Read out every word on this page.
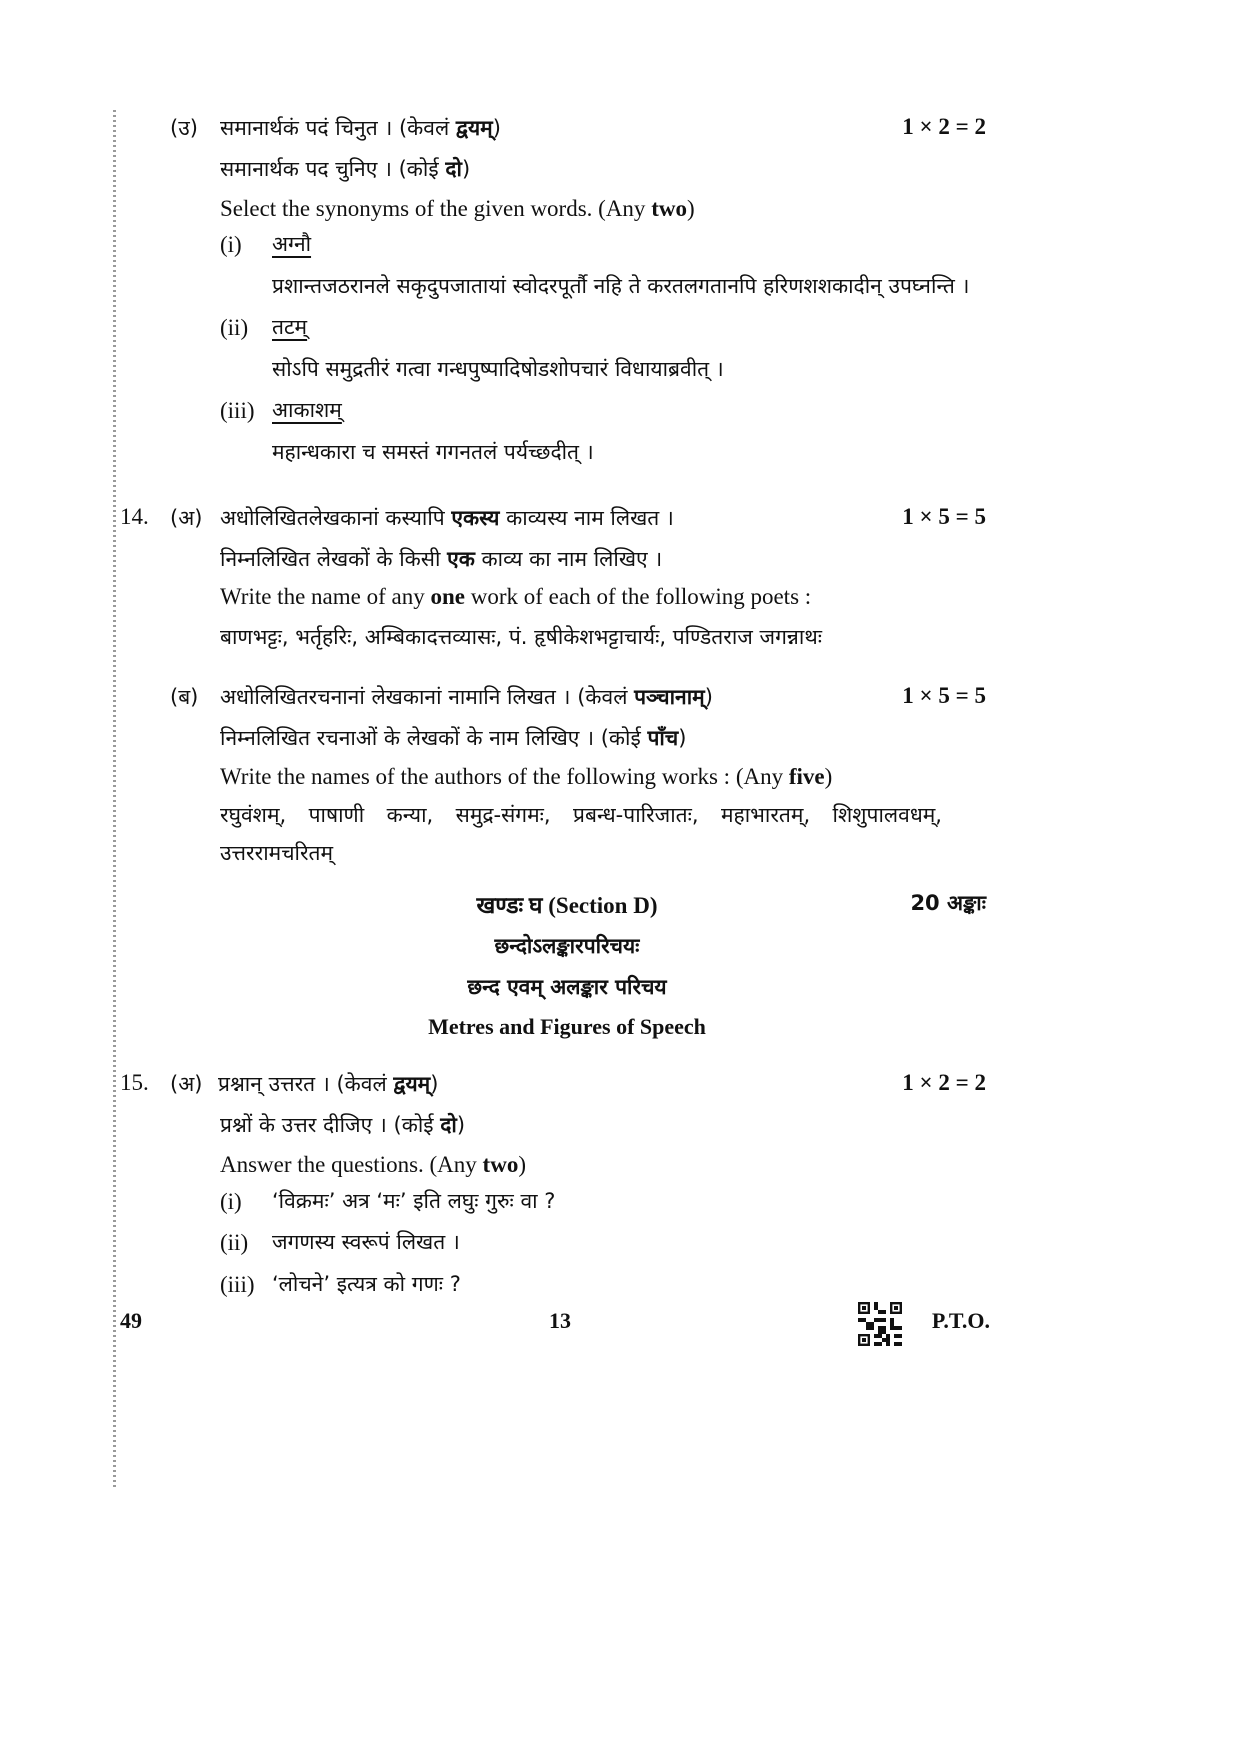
(उ) समानार्थकं पदं चिनुत । (केवलं द्वयम्)	1 × 2 = 2
समानार्थक पद चुनिए । (कोई दो)
Select the synonyms of the given words. (Any two)
(i) अग्नौ
प्रशान्तजठरानले सकृदुपजातायां स्वोदरपूर्तौ नहि ते करतलगतानपि हरिणशशकादीन् उपघ्नन्ति ।
(ii) तटम्
सोऽपि समुद्रतीरं गत्वा गन्धपुष्पादिषोडशोपचारं विधायाब्रवीत् ।
(iii) आकाशम्
महान्धकारा च समस्तं गगनतलं पर्यच्छदीत् ।
14. (अ) अधोलिखितलेखकानां कस्यापि एकस्य काव्यस्य नाम लिखत ।	1 × 5 = 5
निम्नलिखित लेखकों के किसी एक काव्य का नाम लिखिए ।
Write the name of any one work of each of the following poets :
बाणभट्टः, भर्तृहरिः, अम्बिकादत्तव्यासः, पं. हृषीकेशभट्टाचार्यः, पण्डितराज जगन्नाथः
(ब) अधोलिखितरचनानां लेखकानां नामानि लिखत । (केवलं पञ्चानाम्)	1 × 5 = 5
निम्नलिखित रचनाओं के लेखकों के नाम लिखिए । (कोई पाँच)
Write the names of the authors of the following works : (Any five)
रघुवंशम्, पाषाणी कन्या, समुद्र-संगमः, प्रबन्ध-पारिजातः, महाभारतम्, शिशुपालवधम्,
उत्तररामचरितम्
खण्डः घ (Section D)	20 अङ्काः
छन्दोऽलङ्कारपरिचयः
छन्द एवम् अलङ्कार परिचय
Metres and Figures of Speech
15. (अ) प्रश्नान् उत्तरत । (केवलं द्वयम्)	1 × 2 = 2
प्रश्नों के उत्तर दीजिए । (कोई दो)
Answer the questions. (Any two)
(i) ‘विक्रमः’ अत्र ‘मः’ इति लघुः गुरुः वा ?
(ii) जगणस्य स्वरूपं लिखत ।
(iii) ‘लोचने’ इत्यत्र को गणः ?
49	13	P.T.O.
